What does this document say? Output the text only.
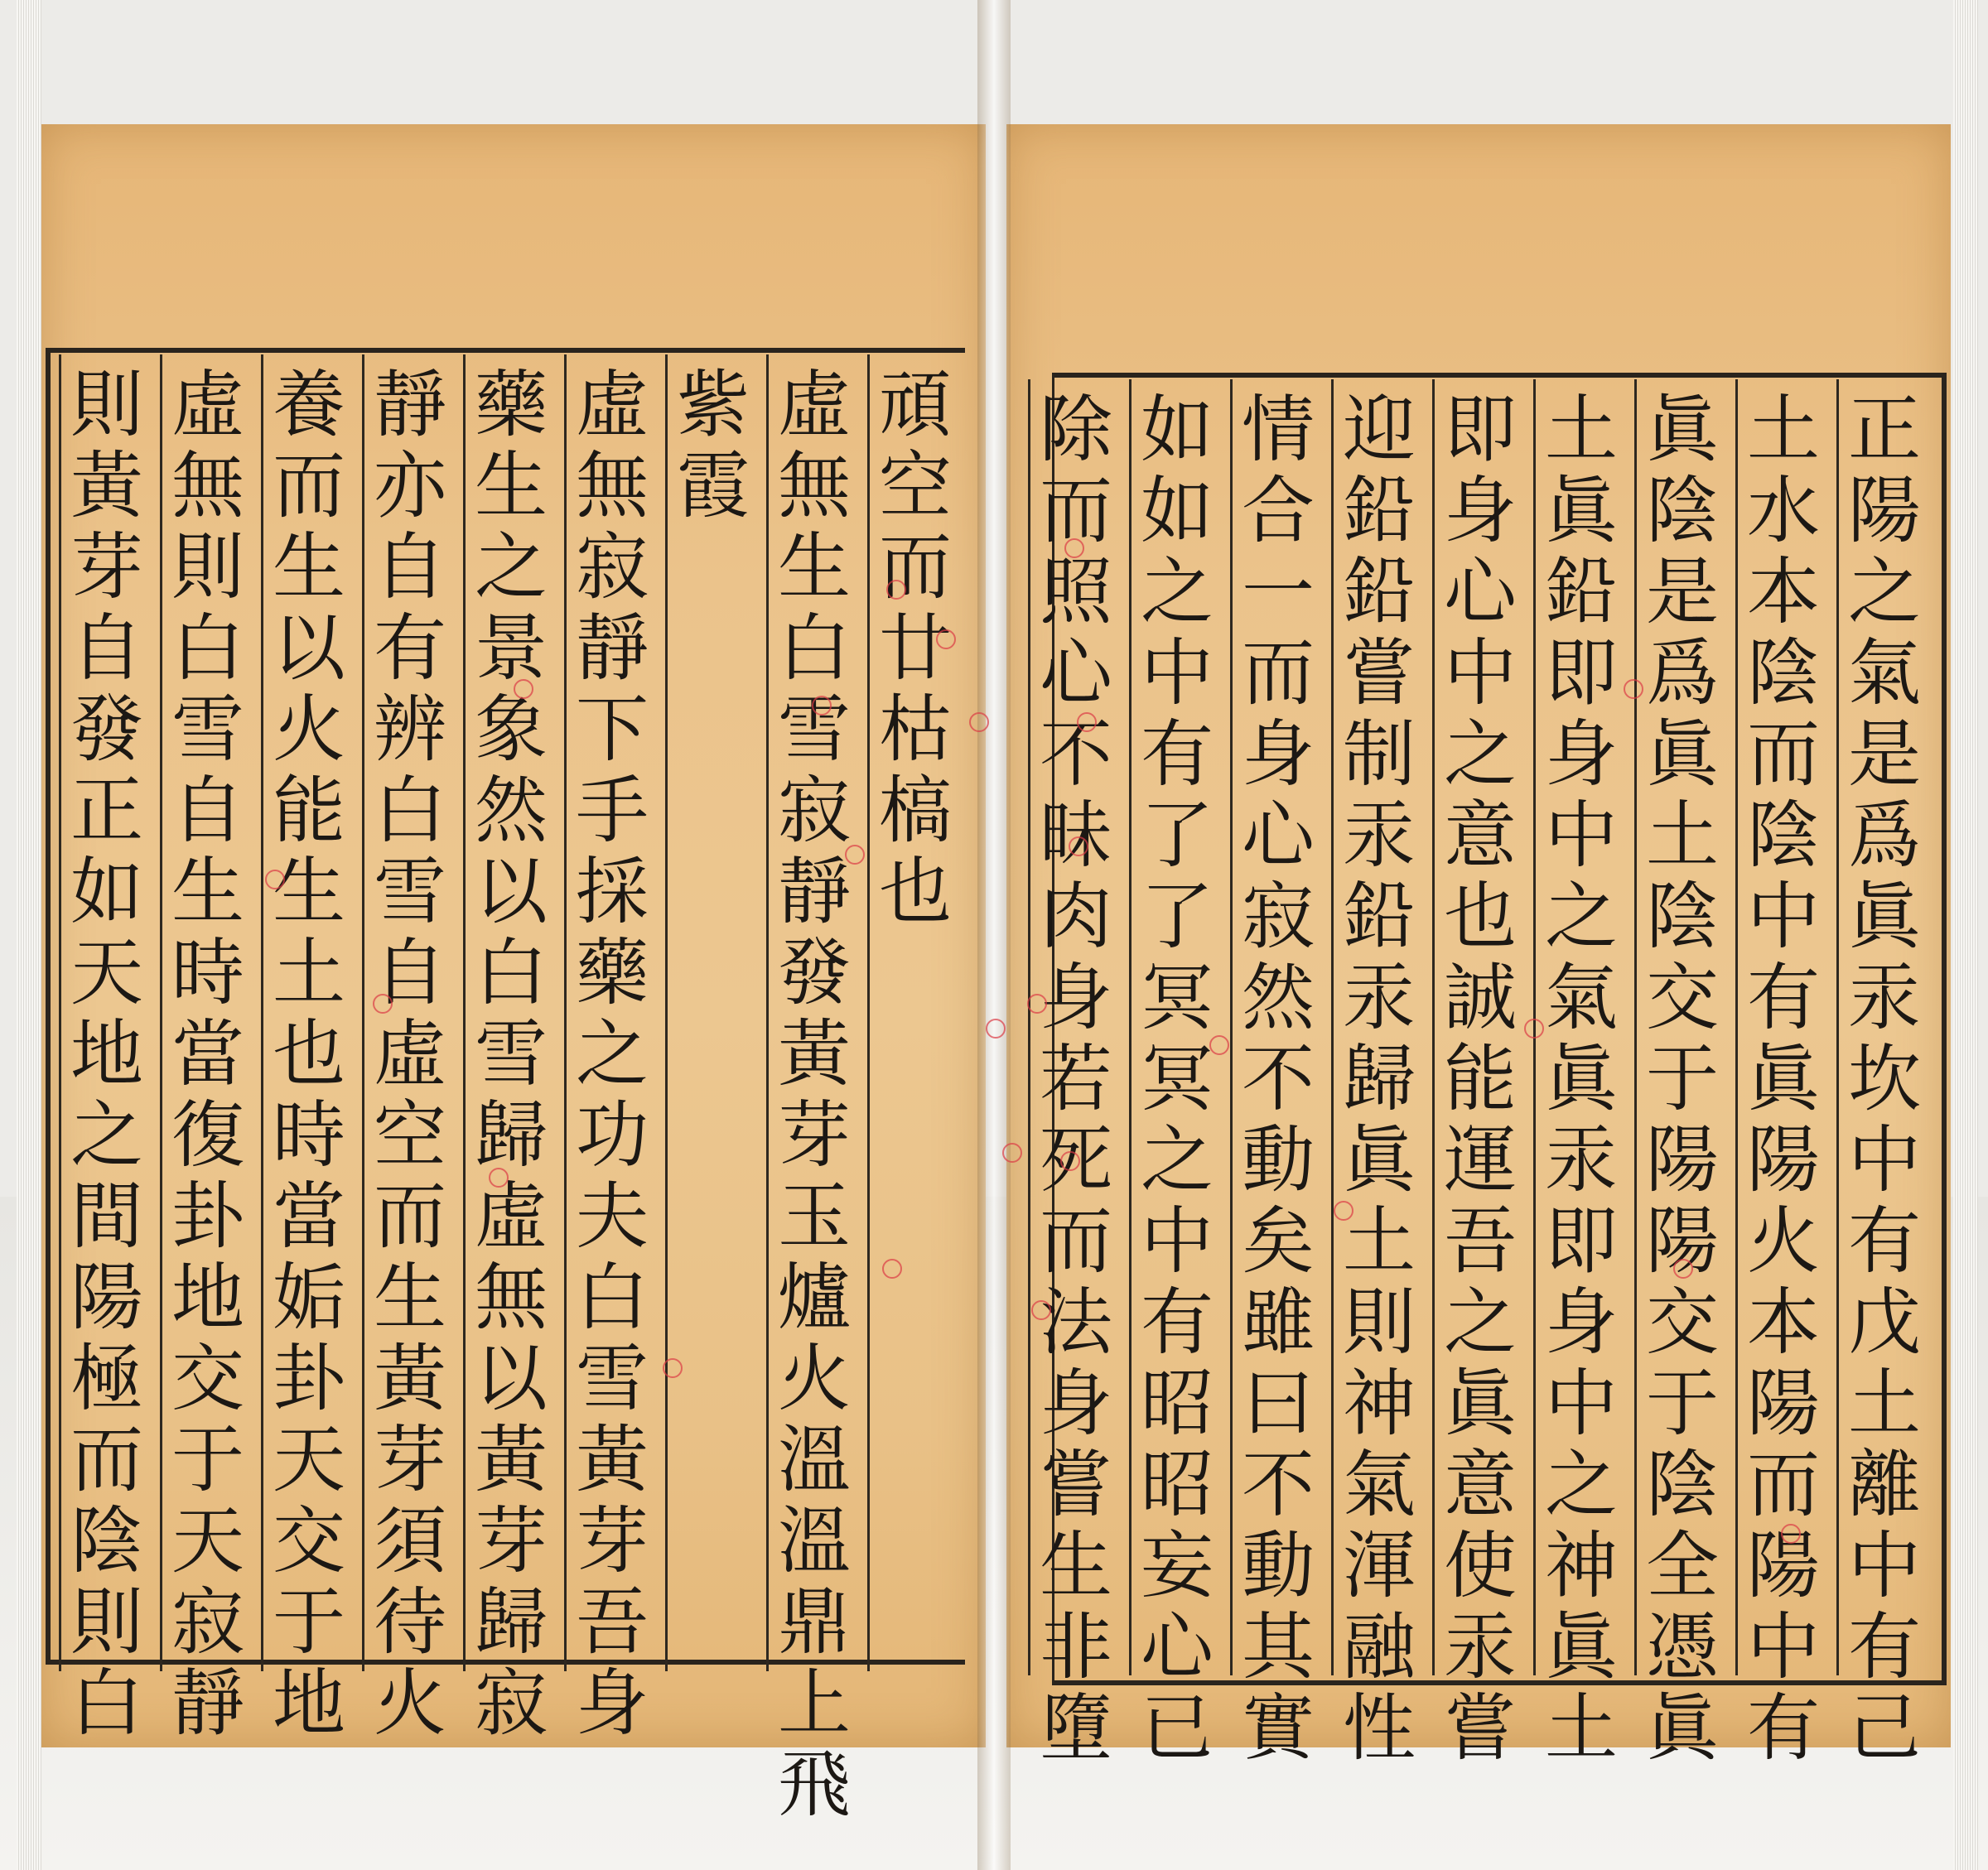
頑
空
而
廿
枯
槁
也
虛
無
生
白
雪
寂
靜
發
黃
芽
玉
爐
火
溫
溫
鼎
上
飛
紫
霞
虛
無
寂
靜
下
手
採
藥
之
功
夫
白
雪
黃
芽
吾
身
藥
生
之
景
象
然
以
白
雪
歸
虛
無
以
黃
芽
歸
寂
靜
亦
自
有
辨
白
雪
自
虛
空
而
生
黃
芽
須
待
火
養
而
生
以
火
能
生
土
也
時
當
姤
卦
天
交
于
地
虛
無
則
白
雪
自
生
時
當
復
卦
地
交
于
天
寂
靜
則
黃
芽
自
發
正
如
天
地
之
間
陽
極
而
陰
則
白
正
陽
之
氣
是
爲
眞
汞
坎
中
有
戊
土
離
中
有
己
土
水
本
陰
而
陰
中
有
眞
陽
火
本
陽
而
陽
中
有
眞
陰
是
爲
眞
土
陰
交
于
陽
陽
交
于
陰
全
憑
眞
土
眞
鉛
即
身
中
之
氣
眞
汞
即
身
中
之
神
眞
土
即
身
心
中
之
意
也
誠
能
運
吾
之
眞
意
使
汞
嘗
迎
鉛
鉛
嘗
制
汞
鉛
汞
歸
眞
土
則
神
氣
渾
融
性
情
合
一
而
身
心
寂
然
不
動
矣
雖
曰
不
動
其
實
如
如
之
中
有
了
了
冥
冥
之
中
有
昭
昭
妄
心
已
除
而
照
心
不
昧
肉
身
若
死
而
法
身
嘗
生
非
墮
